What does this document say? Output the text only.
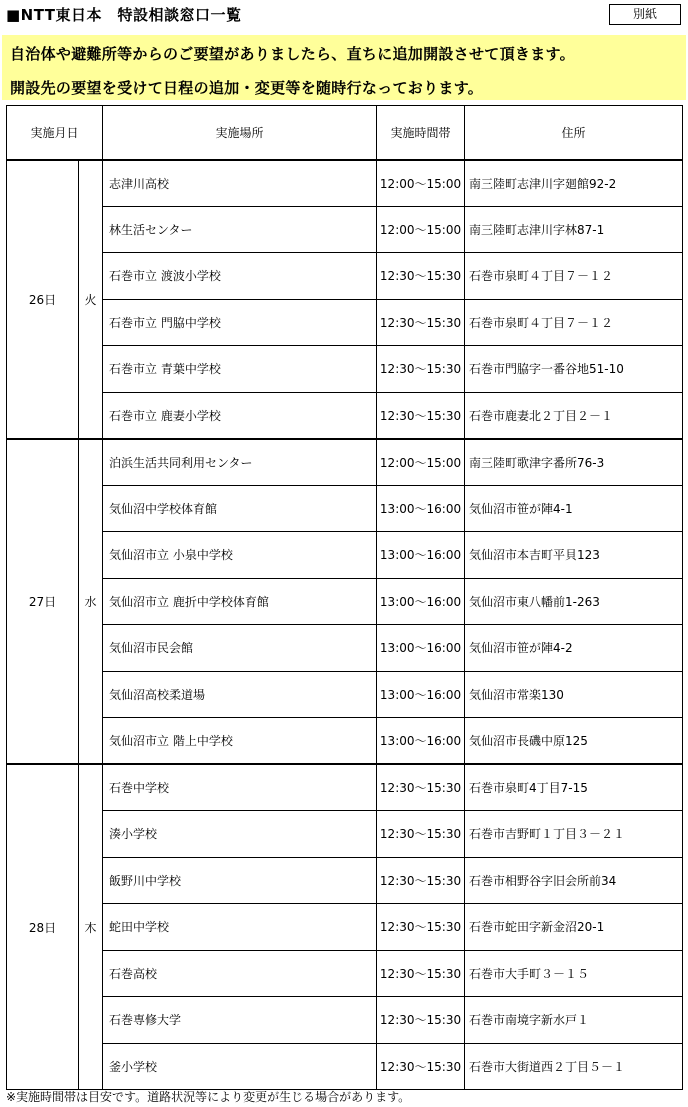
■NTT東日本　特設相談窓口一覧	別紙
自治体や避難所等からのご要望がありましたら、直ちに追加開設させて頂きます。
開設先の要望を受けて日程の追加・変更等を随時行なっております。
実施月日		実施場所	実施時間帯	住所
26日	火	志津川高校	12:00～15:00	南三陸町志津川字廻館92-2
		林生活センター	12:00～15:00	南三陸町志津川字林87-1
		石巻市立 渡波小学校	12:30～15:30	石巻市泉町４丁目７－１２
		石巻市立 門脇中学校	12:30～15:30	石巻市泉町４丁目７－１２
		石巻市立 青葉中学校	12:30～15:30	石巻市門脇字一番谷地51-10
		石巻市立 鹿妻小学校	12:30～15:30	石巻市鹿妻北２丁目２－１
27日	水	泊浜生活共同利用センター	12:00～15:00	南三陸町歌津字番所76-3
		気仙沼中学校体育館	13:00～16:00	気仙沼市笹が陣4-1
		気仙沼市立 小泉中学校	13:00～16:00	気仙沼市本吉町平貝123
		気仙沼市立 鹿折中学校体育館	13:00～16:00	気仙沼市東八幡前1-263
		気仙沼市民会館	13:00～16:00	気仙沼市笹が陣4-2
		気仙沼高校柔道場	13:00～16:00	気仙沼市常楽130
		気仙沼市立 階上中学校	13:00～16:00	気仙沼市長磯中原125
28日	木	石巻中学校	12:30～15:30	石巻市泉町4丁目7-15
		湊小学校	12:30～15:30	石巻市吉野町１丁目３－２１
		飯野川中学校	12:30～15:30	石巻市相野谷字旧会所前34
		蛇田中学校	12:30～15:30	石巻市蛇田字新金沼20-1
		石巻高校	12:30～15:30	石巻市大手町３－１５
		石巻専修大学	12:30～15:30	石巻市南境字新水戸１
		釜小学校	12:30～15:30	石巻市大街道西２丁目５－１
※実施時間帯は目安です。道路状況等により変更が生じる場合があります。
